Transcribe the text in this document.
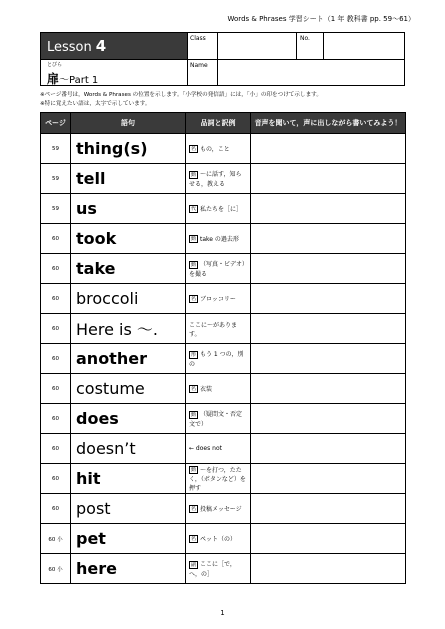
Words & Phrases 学習シート（1 年 教科書 pp. 59～61）
Lesson 4
とびら
扉～Part 1
Class	No.
Name
※ページ番号は，Words & Phrases の位置を示します。「小学校の発信語」には，「小」の印をつけて示します。
※特に覚えたい語は，太字で示しています。
ページ	語句	品詞と訳例	音声を聞いて，声に出しながら書いてみよう！
59	thing(s)	名 もの，こと	
59	tell	動 ～に話す，知らせる，教える	
59	us	代 私たちを［に］	
60	took	動 take の過去形	
60	take	動 （写真・ビデオ）を撮る	
60	broccoli	名 ブロッコリー	
60	Here is ～.	ここに～があります。	
60	another	形 もう 1 つの，別の	
60	costume	名 衣装	
60	does	動 （疑問文・否定文で）	
60	doesn’t	← does not	
60	hit	動 ～を打つ，たたく，（ボタンなど）を押す	
60	post	名 投稿メッセージ	
60 小	pet	名 ペット（の）	
60 小	here	副 ここに［で，へ，の］	
1
